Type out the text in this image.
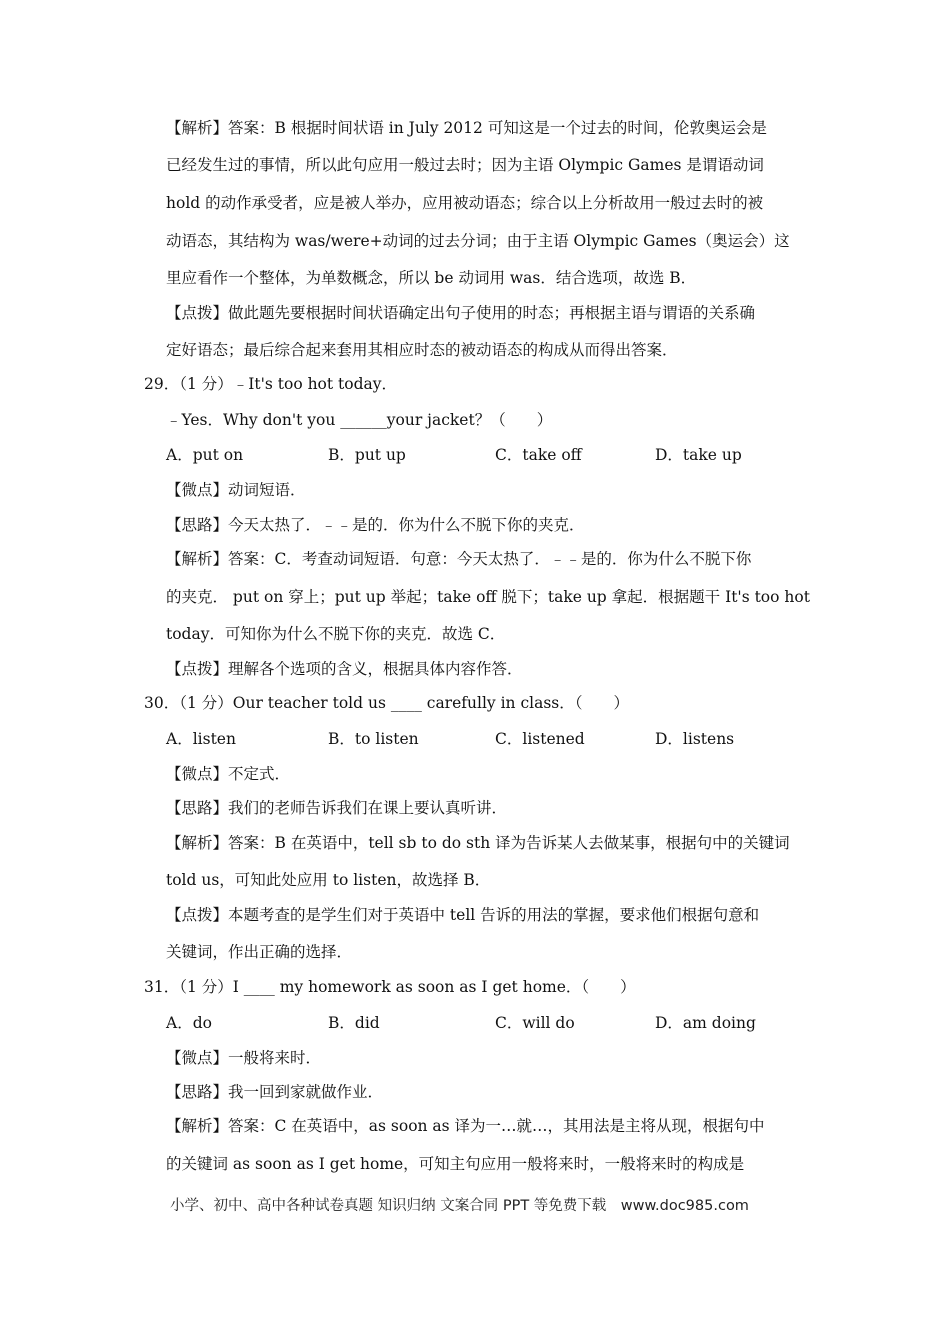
【解析】答案：B 根据时间状语 in July 2012 可知这是一个过去的时间，伦敦奥运会是
已经发生过的事情，所以此句应用一般过去时；因为主语 Olympic Games 是谓语动词
hold 的动作承受者，应是被人举办，应用被动语态；综合以上分析故用一般过去时的被
动语态，其结构为 was/were+动词的过去分词；由于主语 Olympic Games（奥运会）这
里应看作一个整体，为单数概念，所以 be 动词用 was．结合选项，故选 B．
【点拨】做此题先要根据时间状语确定出句子使用的时态；再根据主语与谓语的关系确
定好语态；最后综合起来套用其相应时态的被动语态的构成从而得出答案．
29．（1 分）﹣It's too hot today．
﹣Yes．Why don't you ______your jacket？（　　）
A．put on	B．put up	C．take off	D．take up
【微点】动词短语．
【思路】今天太热了．﹣﹣是的．你为什么不脱下你的夹克．
【解析】答案：C．考查动词短语．句意：今天太热了．﹣﹣是的．你为什么不脱下你
的夹克． put on 穿上；put up 举起；take off 脱下；take up 拿起．根据题干 It's too hot
today．可知你为什么不脱下你的夹克．故选 C．
【点拨】理解各个选项的含义，根据具体内容作答．
30．（1 分）Our teacher told us ____ carefully in class．（　　）
A．listen	B．to listen	C．listened	D．listens
【微点】不定式．
【思路】我们的老师告诉我们在课上要认真听讲．
【解析】答案：B 在英语中，tell sb to do sth 译为告诉某人去做某事，根据句中的关键词
told us，可知此处应用 to listen，故选择 B．
【点拨】本题考查的是学生们对于英语中 tell 告诉的用法的掌握，要求他们根据句意和
关键词，作出正确的选择．
31．（1 分）I ____ my homework as soon as I get home．（　　）
A．do	B．did	C．will do	D．am doing
【微点】一般将来时．
【思路】我一回到家就做作业．
【解析】答案：C 在英语中，as soon as 译为一…就…，其用法是主将从现，根据句中
的关键词 as soon as I get home，可知主句应用一般将来时，一般将来时的构成是
小学、初中、高中各种试卷真题 知识归纳 文案合同 PPT 等免费下载　www.doc985.com
